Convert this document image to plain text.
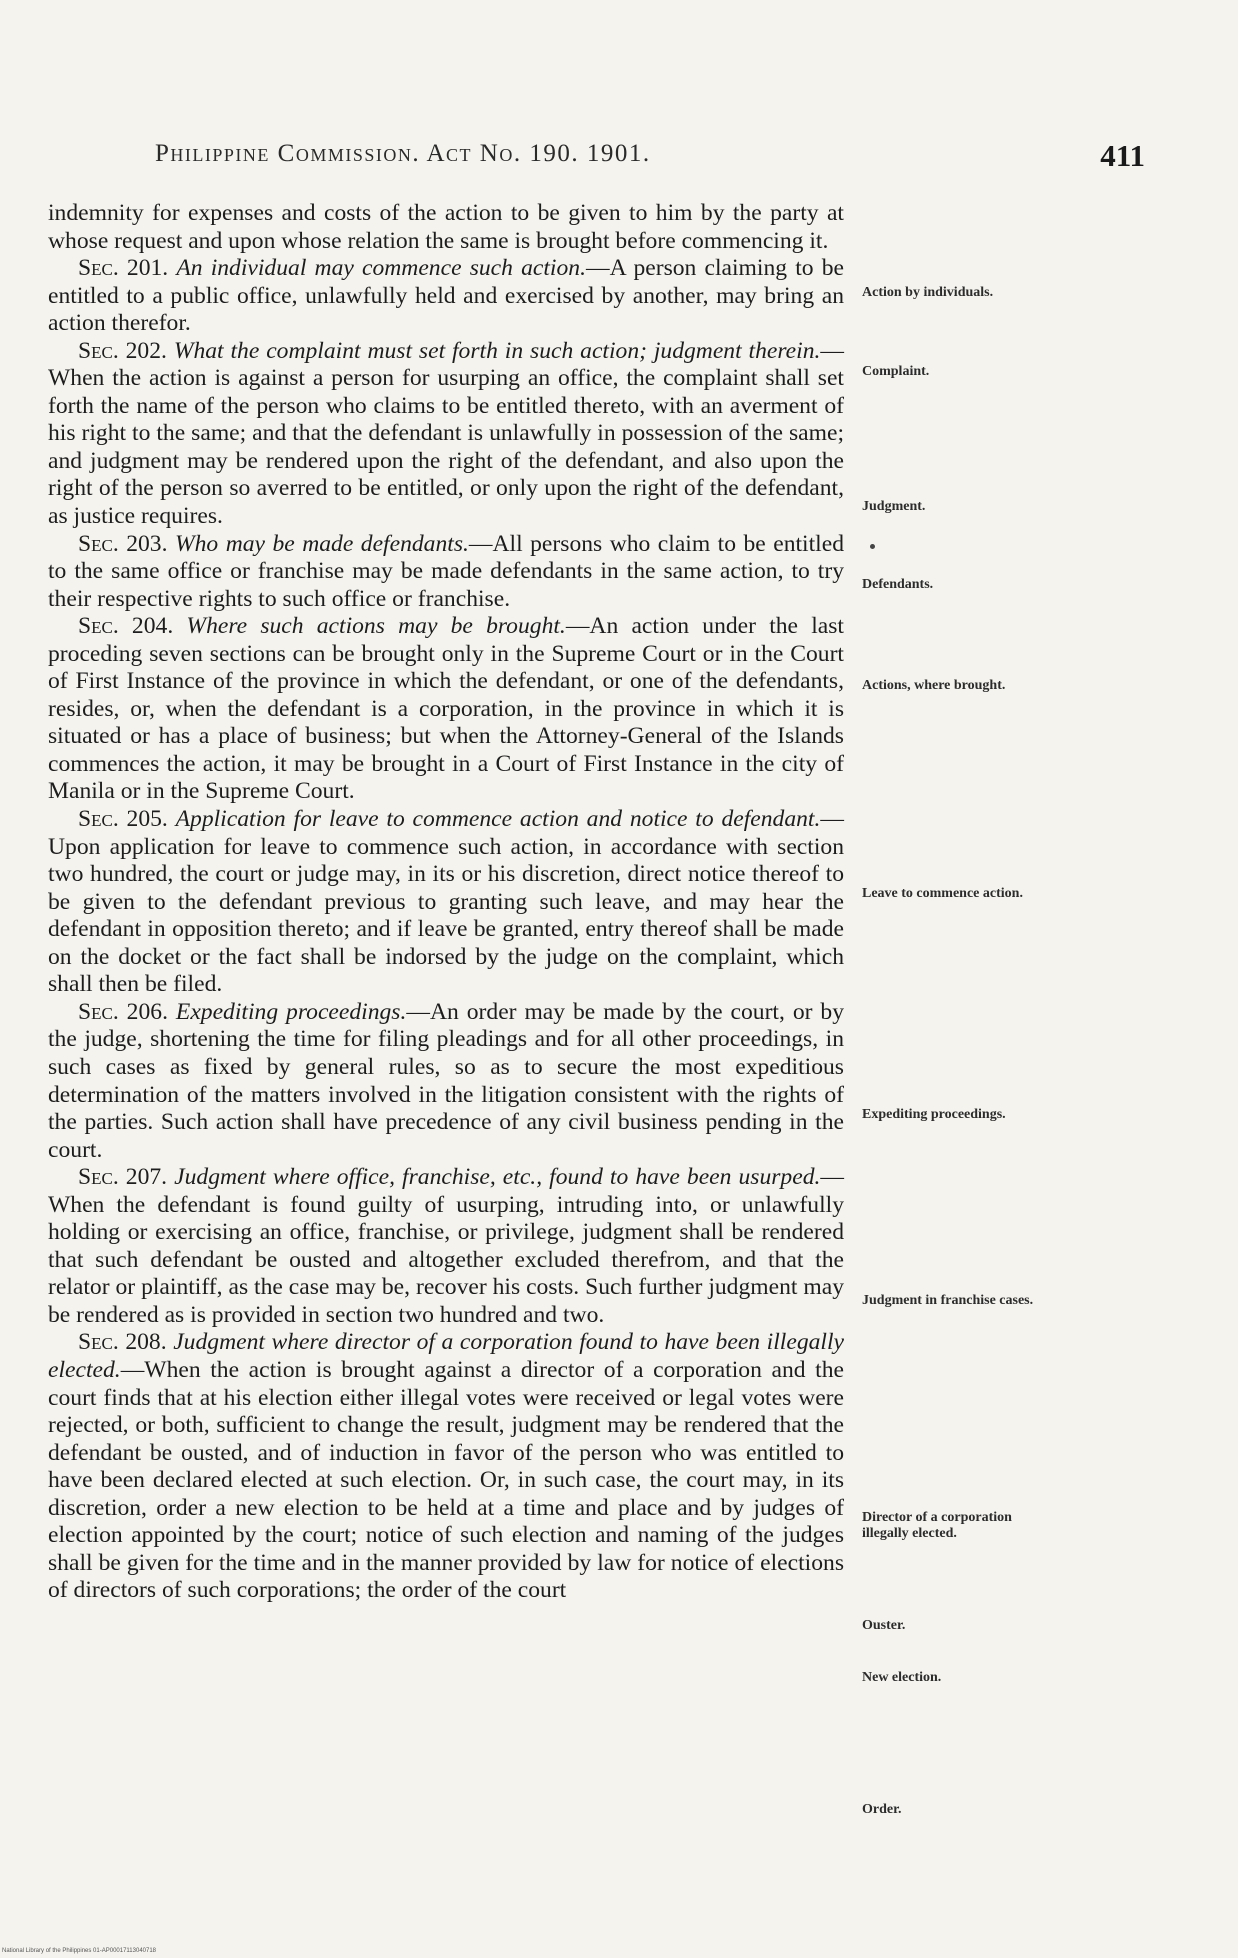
Philippine Commission. Act No. 190. 1901.	411

indemnity for expenses and costs of the action to be given to him by the party at whose request and upon whose relation the same is brought before commencing it.

Sec. 201. An individual may commence such action.—A person claiming to be entitled to a public office, unlawfully held and exercised by another, may bring an action therefor.

Sec. 202. What the complaint must set forth in such action; judgment therein.—When the action is against a person for usurping an office, the complaint shall set forth the name of the person who claims to be entitled thereto, with an averment of his right to the same; and that the defendant is unlawfully in possession of the same; and judgment may be rendered upon the right of the defendant, and also upon the right of the person so averred to be entitled, or only upon the right of the defendant, as justice requires.

Sec. 203. Who may be made defendants.—All persons who claim to be entitled to the same office or franchise may be made defendants in the same action, to try their respective rights to such office or franchise.

Sec. 204. Where such actions may be brought.—An action under the last proceding seven sections can be brought only in the Supreme Court or in the Court of First Instance of the province in which the defendant, or one of the defendants, resides, or, when the defendant is a corporation, in the province in which it is situated or has a place of business; but when the Attorney-General of the Islands commences the action, it may be brought in a Court of First Instance in the city of Manila or in the Supreme Court.

Sec. 205. Application for leave to commence action and notice to defendant.—Upon application for leave to commence such action, in accordance with section two hundred, the court or judge may, in its or his discretion, direct notice thereof to be given to the defendant previous to granting such leave, and may hear the defendant in opposition thereto; and if leave be granted, entry thereof shall be made on the docket or the fact shall be indorsed by the judge on the complaint, which shall then be filed.

Sec. 206. Expediting proceedings.—An order may be made by the court, or by the judge, shortening the time for filing pleadings and for all other proceedings, in such cases as fixed by general rules, so as to secure the most expeditious determination of the matters involved in the litigation consistent with the rights of the parties. Such action shall have precedence of any civil business pending in the court.

Sec. 207. Judgment where office, franchise, etc., found to have been usurped.—When the defendant is found guilty of usurping, intruding into, or unlawfully holding or exercising an office, franchise, or privilege, judgment shall be rendered that such defendant be ousted and altogether excluded therefrom, and that the relator or plaintiff, as the case may be, recover his costs. Such further judgment may be rendered as is provided in section two hundred and two.

Sec. 208. Judgment where director of a corporation found to have been illegally elected.—When the action is brought against a director of a corporation and the court finds that at his election either illegal votes were received or legal votes were rejected, or both, sufficient to change the result, judgment may be rendered that the defendant be ousted, and of induction in favor of the person who was entitled to have been declared elected at such election. Or, in such case, the court may, in its discretion, order a new election to be held at a time and place and by judges of election appointed by the court; notice of such election and naming of the judges shall be given for the time and in the manner provided by law for notice of elections of directors of such corporations; the order of the court

Action by individuals.
Complaint.
Judgment.
Defendants.
Actions, where brought.
Leave to commence action.
Expediting proceedings.
Judgment in franchise cases.
Director of a corporation illegally elected.
Ouster.
New election.
Order.
National Library of the Philippines 01-AP00017113040718
